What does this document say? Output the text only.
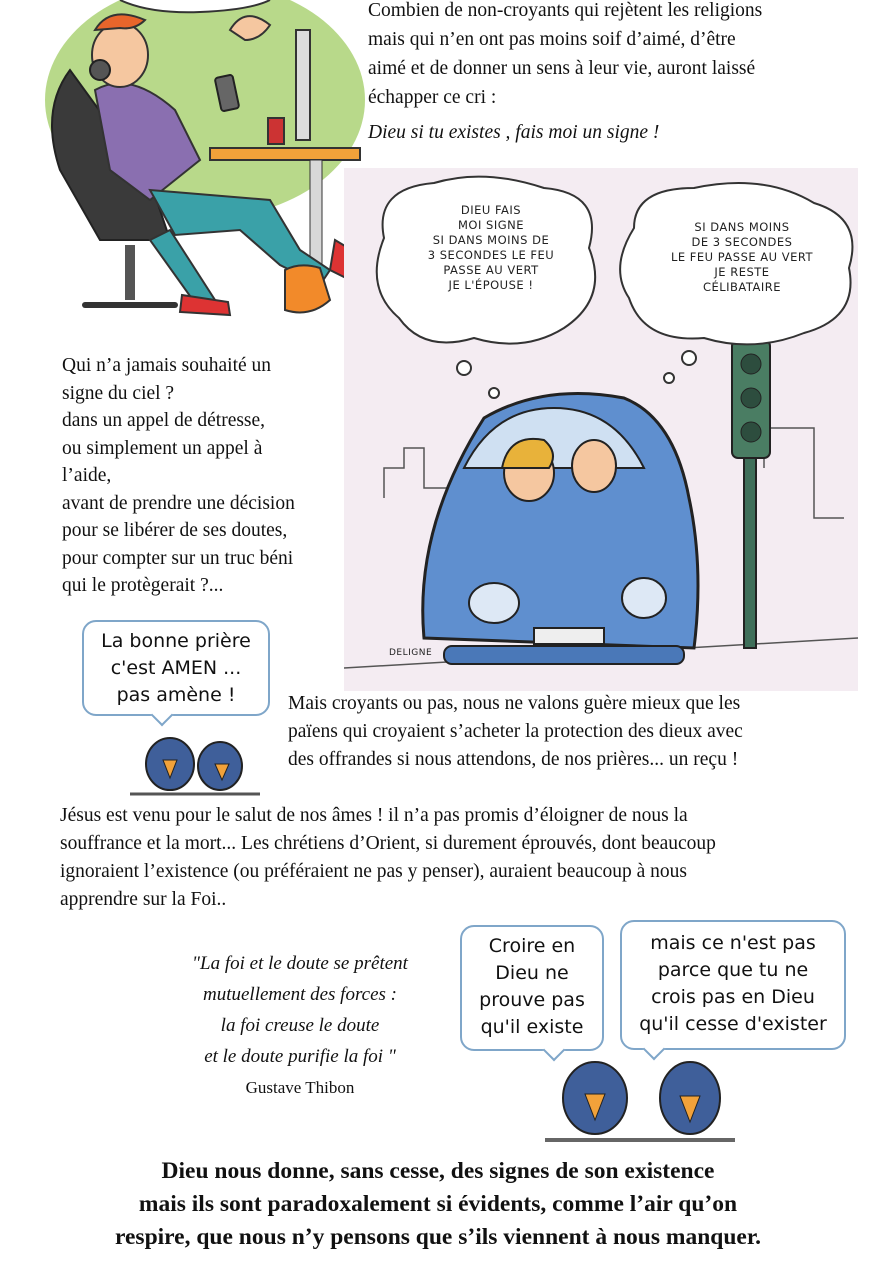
Combien de non-croyants qui rejètent les religions

mais qui n’en ont pas moins soif d’aimé, d’être

aimé et de donner un sens à leur vie, auront laissé

échapper ce cri :

Dieu si tu existes , fais moi un signe !
DIEU FAIS
MOI SIGNE
SI DANS MOINS DE
3 SECONDES LE FEU
PASSE AU VERT
JE L'ÉPOUSE !
SI DANS MOINS
DE 3 SECONDES
LE FEU PASSE AU VERT
JE RESTE
CÉLIBATAIRE
DELIGNE

Qui n’a jamais souhaité un

signe du ciel ?

dans un appel de détresse,

ou simplement un appel à

l’aide,

avant de prendre une décision

pour se libérer de ses doutes,

pour compter sur un truc béni

qui le protègerait ?...

La bonne prière
c'est AMEN ...
pas amène !	Mais croyants ou pas, nous ne valons guère mieux que les

païens qui croyaient s’acheter la protection des dieux avec

des offrandes si nous attendons, de nos prières... un reçu !

Jésus est venu pour le salut de nos âmes ! il n’a pas promis d’éloigner de nous la

souffrance et la mort... Les chrétiens d’Orient, si durement éprouvés, dont beaucoup

ignoraient l’existence (ou préféraient ne pas y penser), auraient beaucoup à nous

apprendre sur la Foi..

"La foi et le doute se prêtent

mutuellement des forces :

la foi creuse le doute

et le doute purifie la foi "

Gustave Thibon
Croire en
Dieu ne
prouve pas
qu'il existe
mais ce n'est pas
parce que tu ne
crois pas en Dieu
qu'il cesse d'exister

Dieu nous donne, sans cesse, des signes de son existence

mais ils sont paradoxalement si évidents, comme l’air qu’on

respire, que nous n’y pensons que s’ils viennent à nous manquer.
